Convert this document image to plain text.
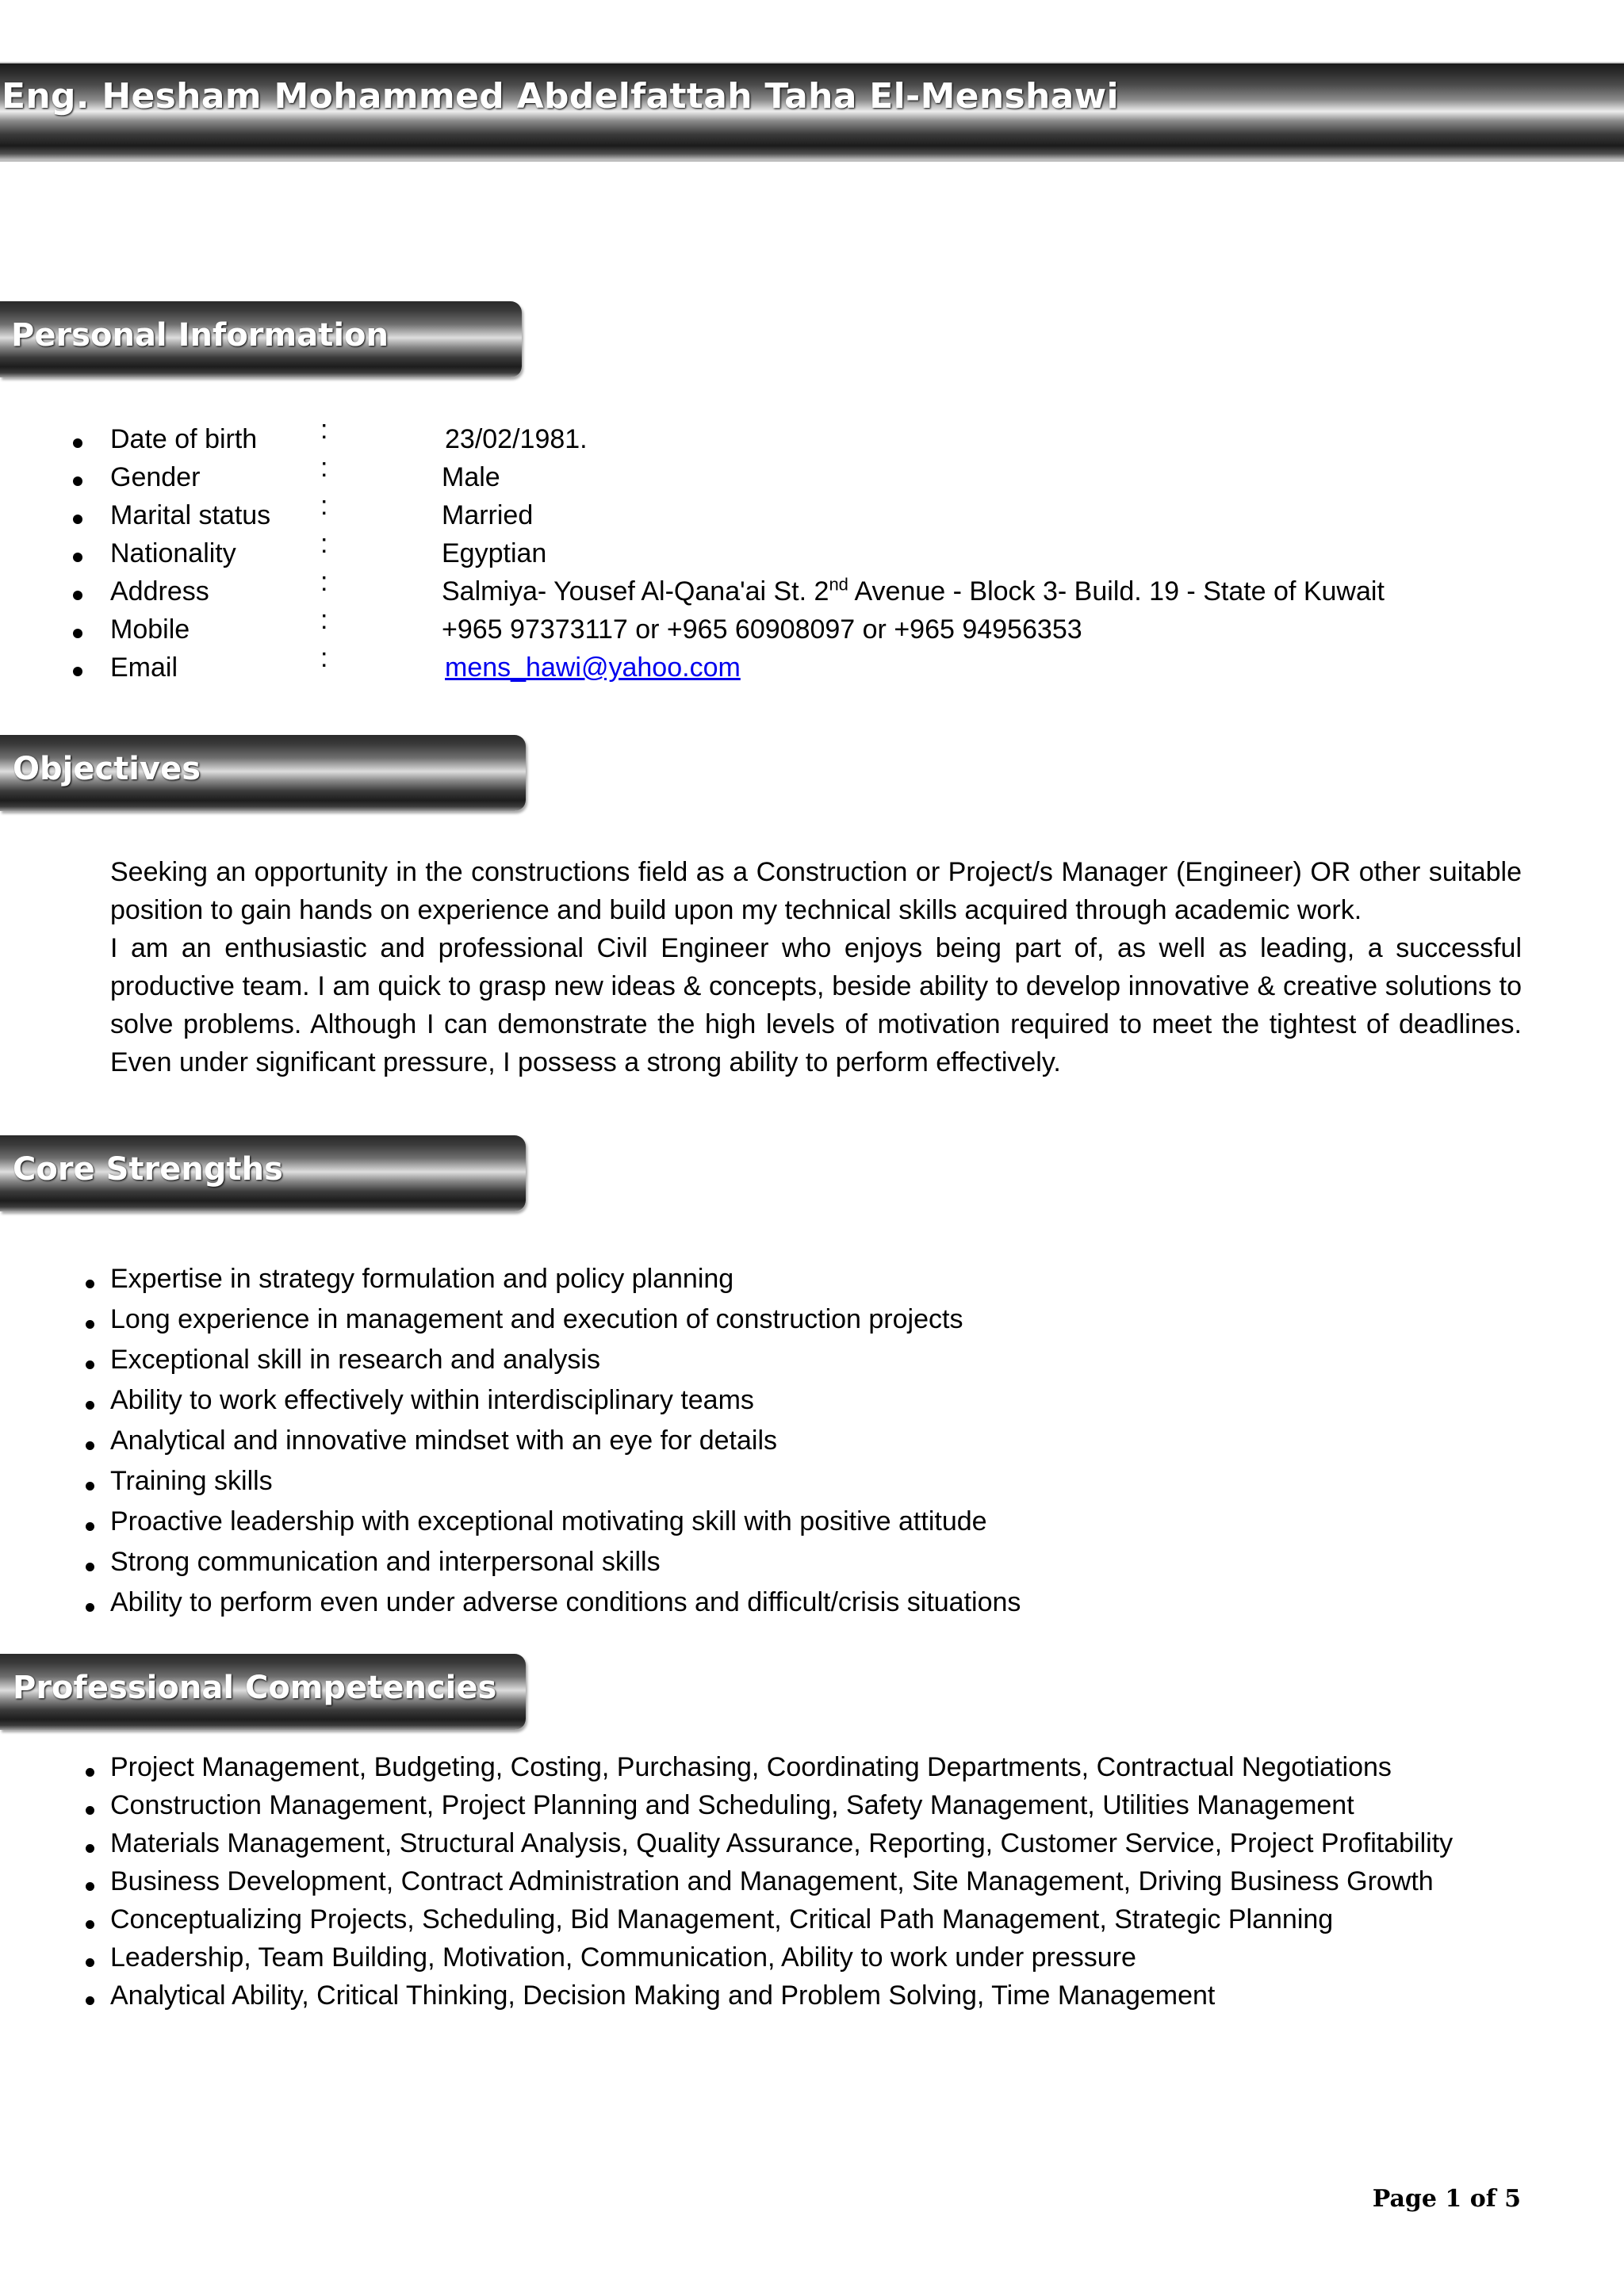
Eng. Hesham Mohammed Abdelfattah Taha El-Menshawi
Personal Information
Date of birth :	23/02/1981.
Gender	:	Male
Marital status :	Married
Nationality	:	Egyptian
Address	:	Salmiya- Yousef Al-Qana'ai St. 2nd Avenue - Block 3- Build. 19 - State of Kuwait
Mobile	:	+965 97373117 or +965 60908097 or +965 94956353
Email	:	mens_hawi@yahoo.com
Objectives

Seeking an opportunity in the constructions field as a Construction or Project/s Manager (Engineer) OR other suitable position to gain hands on experience and build upon my technical skills acquired through academic work.

I am an enthusiastic and professional Civil Engineer who enjoys being part of, as well as leading, a successful productive team. I am quick to grasp new ideas & concepts, beside ability to develop innovative & creative solutions to solve problems. Although I can demonstrate the high levels of motivation required to meet the tightest of deadlines. Even under significant pressure, I possess a strong ability to perform effectively.

Core Strengths
Expertise in strategy formulation and policy planning
Long experience in management and execution of construction projects
Exceptional skill in research and analysis
Ability to work effectively within interdisciplinary teams
Analytical and innovative mindset with an eye for details
Training skills
Proactive leadership with exceptional motivating skill with positive attitude
Strong communication and interpersonal skills
Ability to perform even under adverse conditions and difficult/crisis situations
Professional Competencies
Project Management, Budgeting, Costing, Purchasing, Coordinating Departments, Contractual Negotiations
Construction Management, Project Planning and Scheduling, Safety Management, Utilities Management
Materials Management, Structural Analysis, Quality Assurance, Reporting, Customer Service, Project Profitability
Business Development, Contract Administration and Management, Site Management, Driving Business Growth
Conceptualizing Projects, Scheduling, Bid Management, Critical Path Management, Strategic Planning
Leadership, Team Building, Motivation, Communication, Ability to work under pressure
Analytical Ability, Critical Thinking, Decision Making and Problem Solving, Time Management
Page 1 of 5
